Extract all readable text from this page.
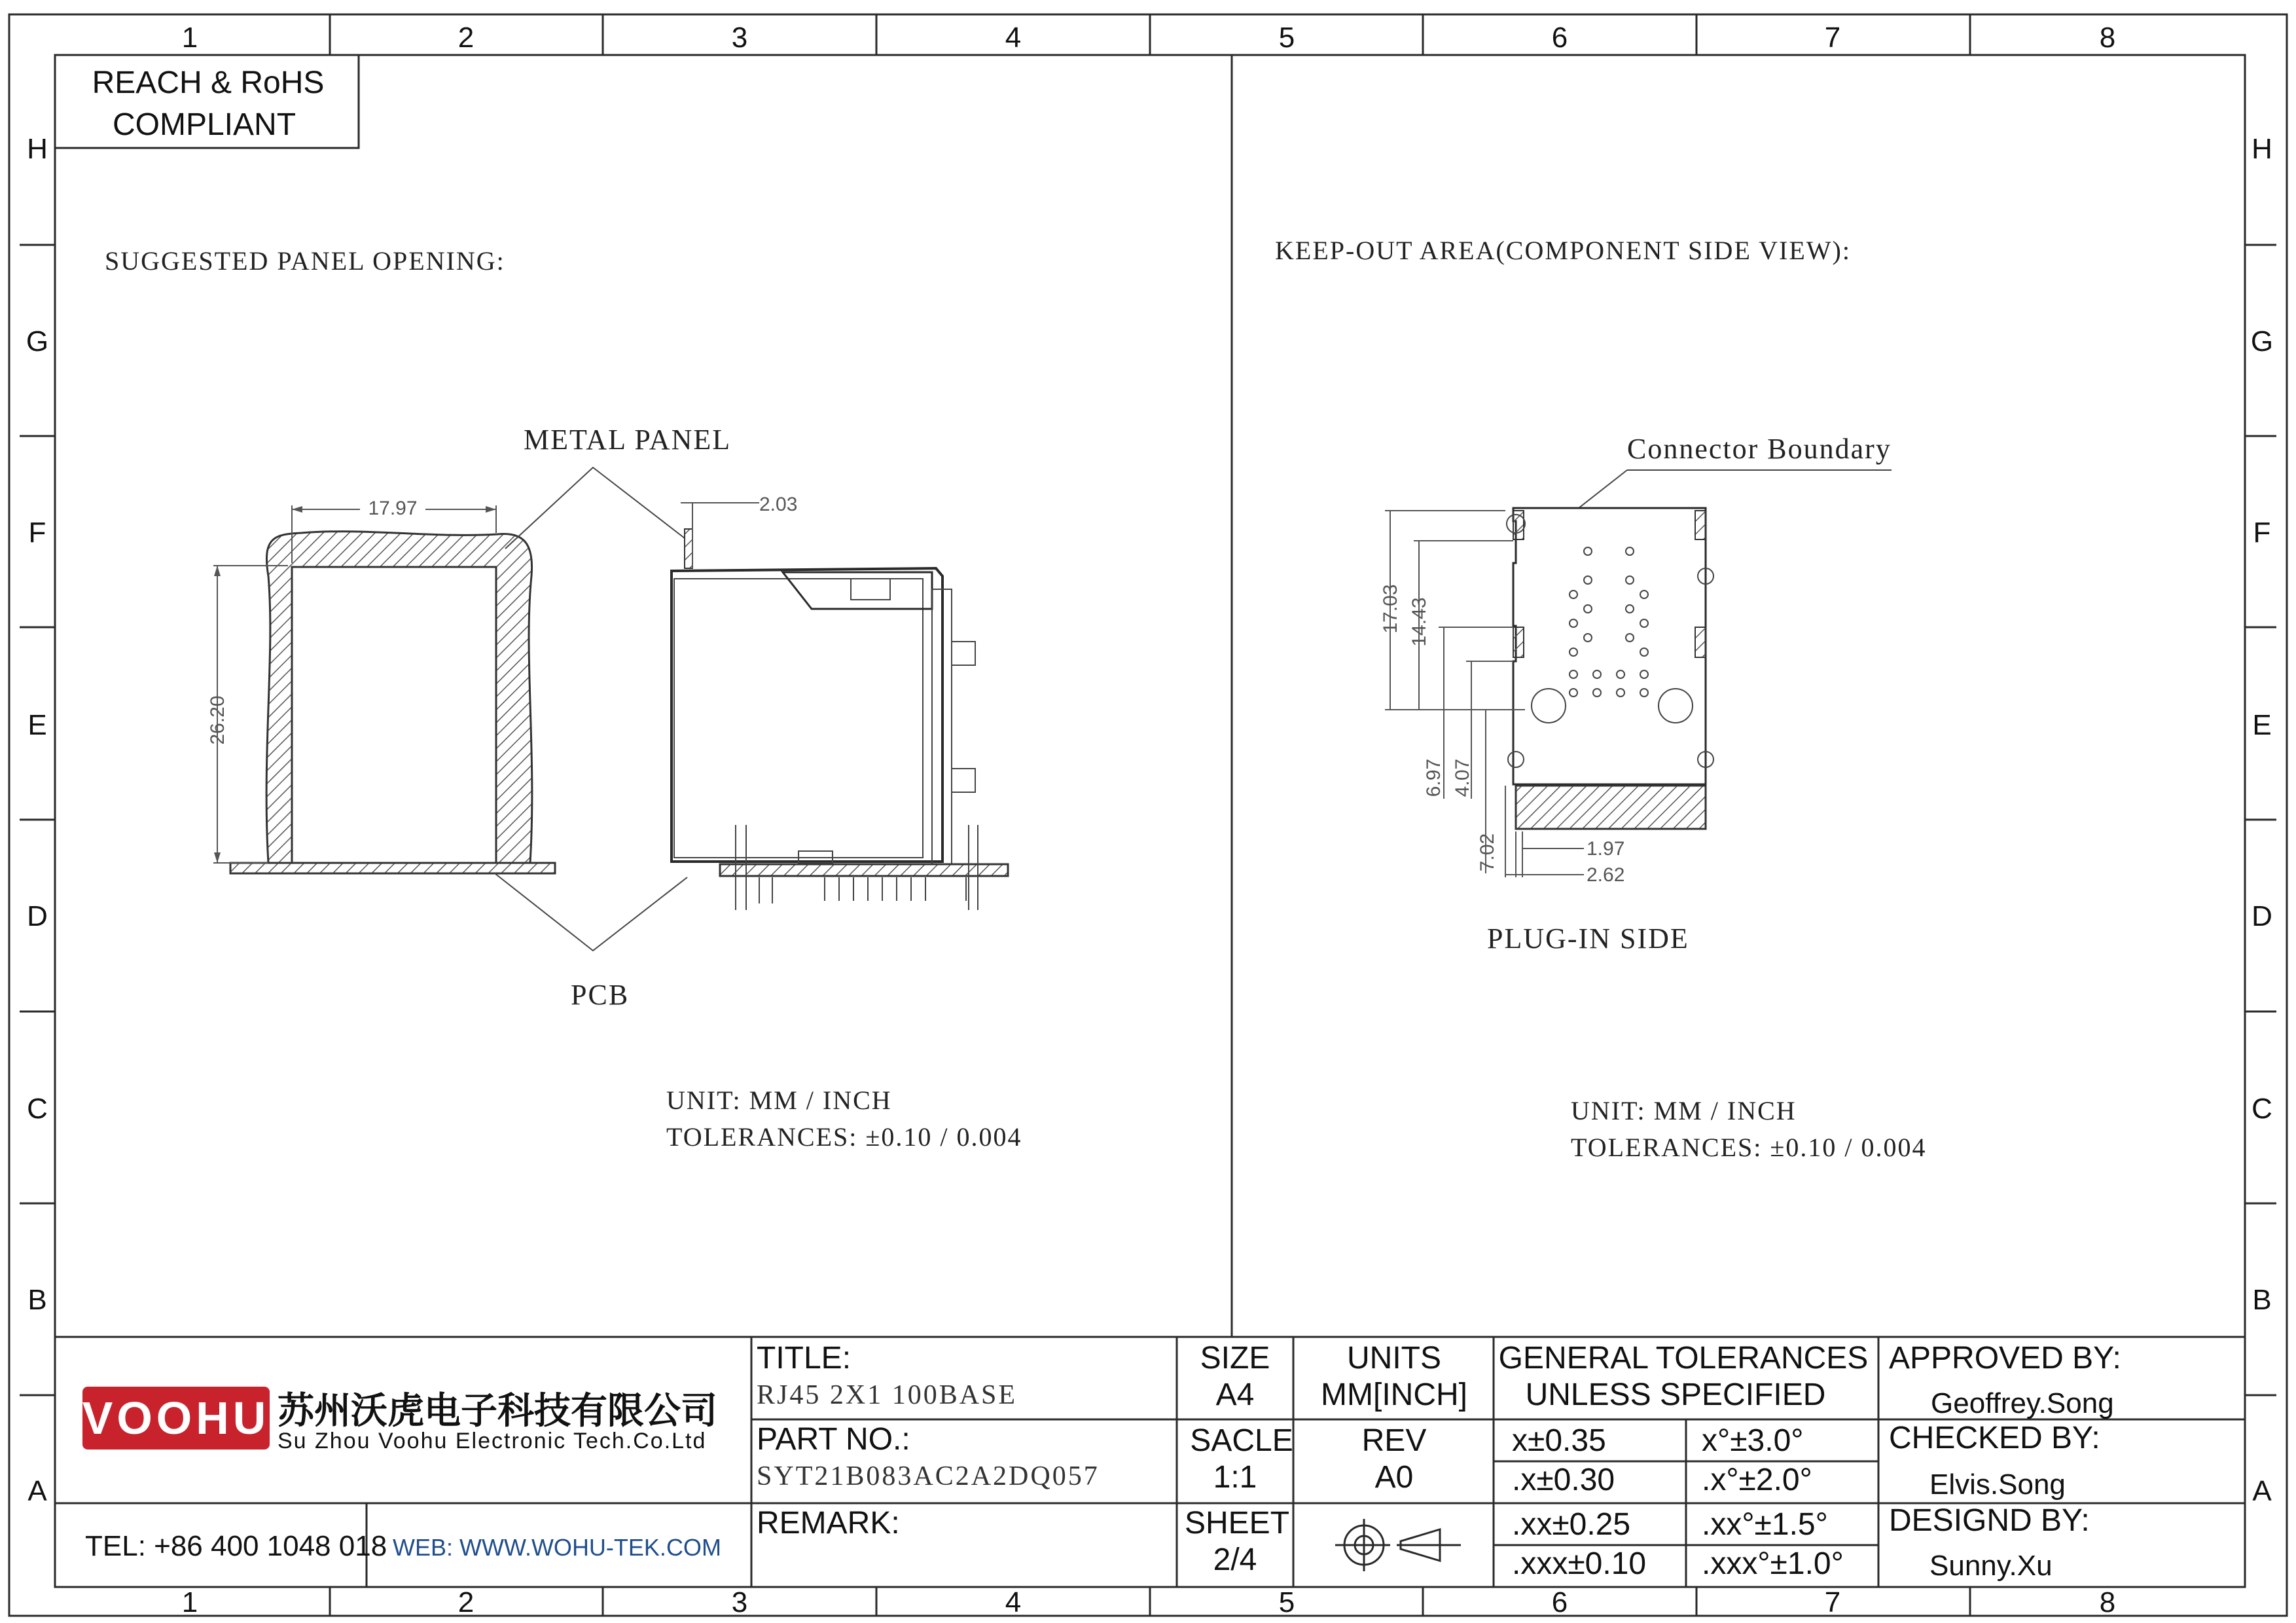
1	2	3	4	5	6	7	8
1	2	3	4	5	6	7	8
H
G
F
E
D
C
B
A
H
G
F
E
D
C
B
A
REACH & RoHS
COMPLIANT
SUGGESTED PANEL OPENING:
METAL PANEL
PCB
17.97
26.20
2.03
UNIT: MM / INCH
TOLERANCES: ±0.10 / 0.004
KEEP-OUT AREA(COMPONENT SIDE VIEW):
Connector Boundary
PLUG-IN SIDE
17.03 14.43
6.97 4.07
7.02	1.97
2.62
UNIT: MM / INCH
TOLERANCES: ±0.10 / 0.004
VOOHU 苏州沃虎电子科技有限公司
Su Zhou Voohu Electronic Tech.Co.Ltd
TEL: +86 400 1048 018 WEB: WWW.WOHU-TEK.COM
TITLE:
RJ45 2X1 100BASE
PART NO.:
SYT21B083AC2A2DQ057
REMARK:
SIZE
A4
UNITS
MM[INCH]
SACLE
1:1
REV
A0
SHEET
2/4
GENERAL TOLERANCES
UNLESS SPECIFIED
x±0.35	x°±3.0°
.x±0.30	.x°±2.0°
.xx±0.25 .xx°±1.5°
.xxx±0.10 .xxx°±1.0°
APPROVED BY:
Geoffrey.Song
CHECKED BY:
Elvis.Song
DESIGND BY:
Sunny.Xu
